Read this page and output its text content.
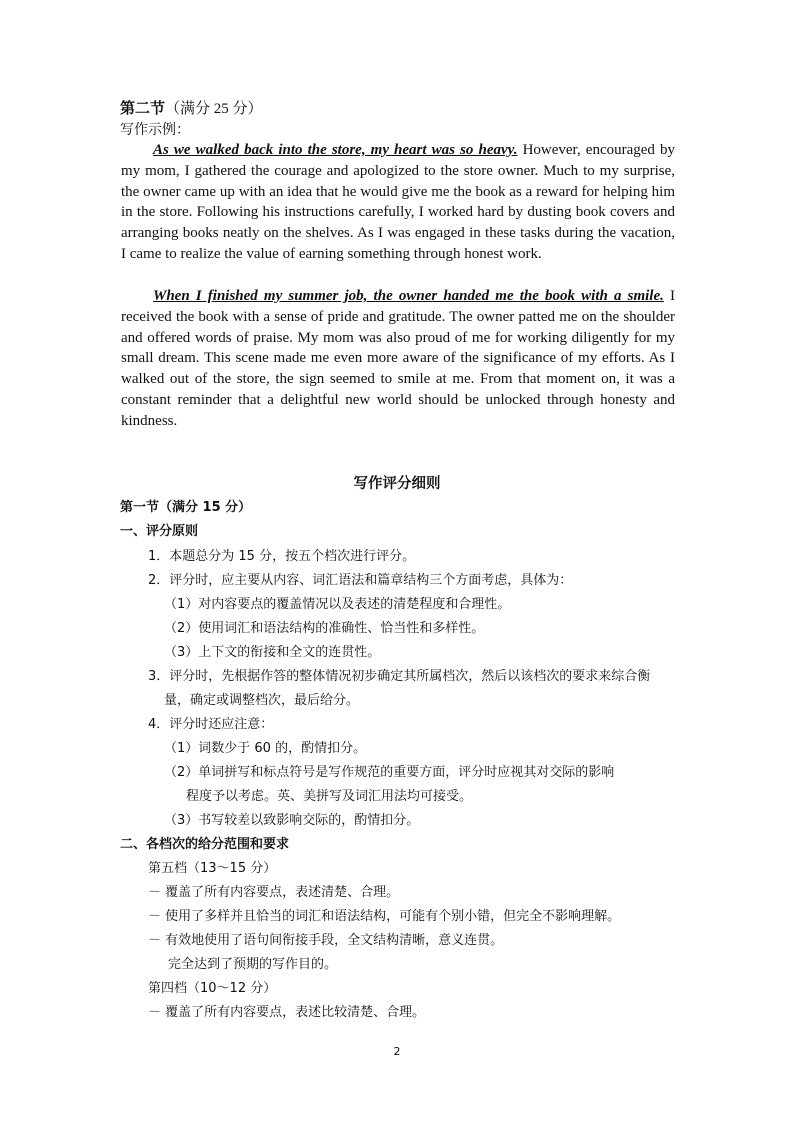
第二节（满分 25 分）
写作示例：

As we walked back into the store, my heart was so heavy. However, encouraged by my mom, I gathered the courage and apologized to the store owner. Much to my surprise, the owner came up with an idea that he would give me the book as a reward for helping him in the store. Following his instructions carefully, I worked hard by dusting book covers and arranging books neatly on the shelves. As I was engaged in these tasks during the vacation, I came to realize the value of earning something through honest work.

When I finished my summer job, the owner handed me the book with a smile. I received the book with a sense of pride and gratitude. The owner patted me on the shoulder and offered words of praise. My mom was also proud of me for working diligently for my small dream. This scene made me even more aware of the significance of my efforts. As I walked out of the store, the sign seemed to smile at me. From that moment on, it was a constant reminder that a delightful new world should be unlocked through honesty and kindness.

写作评分细则
第一节（满分 15 分）
一、评分原则
1．本题总分为 15 分，按五个档次进行评分。
2．评分时，应主要从内容、词汇语法和篇章结构三个方面考虑，具体为：
（1）对内容要点的覆盖情况以及表述的清楚程度和合理性。
（2）使用词汇和语法结构的准确性、恰当性和多样性。
（3）上下文的衔接和全文的连贯性。
3．评分时，先根据作答的整体情况初步确定其所属档次，然后以该档次的要求来综合衡
量，确定或调整档次，最后给分。
4．评分时还应注意：
（1）词数少于 60 的，酌情扣分。
（2）单词拼写和标点符号是写作规范的重要方面，评分时应视其对交际的影响
程度予以考虑。英、美拼写及词汇用法均可接受。
（3）书写较差以致影响交际的，酌情扣分。
二、各档次的给分范围和要求
第五档（13～15 分）
－ 覆盖了所有内容要点，表述清楚、合理。
－ 使用了多样并且恰当的词汇和语法结构，可能有个别小错，但完全不影响理解。
－ 有效地使用了语句间衔接手段，全文结构清晰，意义连贯。
完全达到了预期的写作目的。
第四档（10～12 分）
－ 覆盖了所有内容要点，表述比较清楚、合理。
2
